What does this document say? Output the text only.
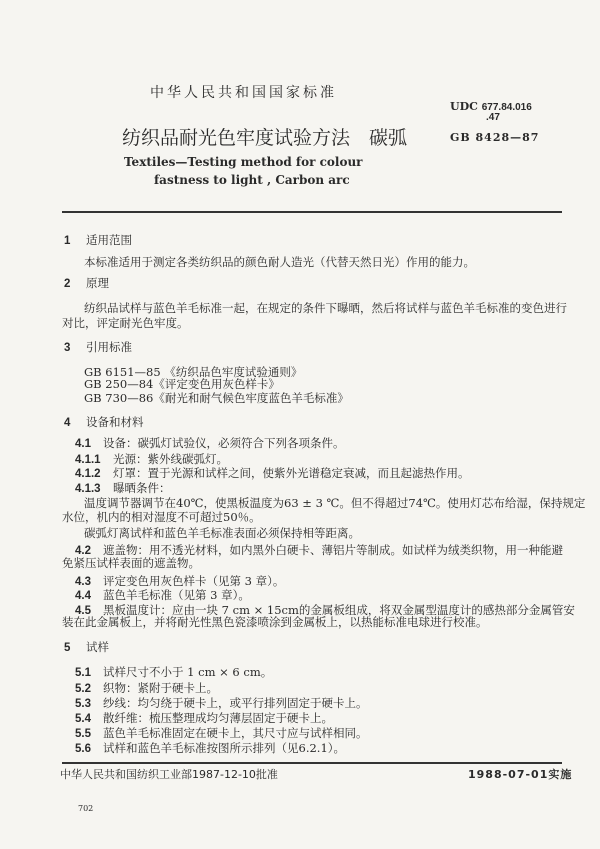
中华人民共和国国家标准
UDC 677.84.016
.47
纺织品耐光色牢度试验方法　碳弧	GB 8428—87
Textiles—Testing method for colour
fastness to light , Carbon arc
1 适用范围
本标准适用于测定各类纺织品的颜色耐人造光（代替天然日光）作用的能力。
2 原理
纺织品试样与蓝色羊毛标准一起，在规定的条件下曝晒，然后将试样与蓝色羊毛标准的变色进行
对比，评定耐光色牢度。
3 引用标准
GB 6151—85 《纺织品色牢度试验通则》
GB 250—84《评定变色用灰色样卡》
GB 730—86《耐光和耐气候色牢度蓝色羊毛标准》
4 设备和材料
4.1 设备：碳弧灯试验仪，必须符合下列各项条件。
4.1.1 光源：紫外线碳弧灯。
4.1.2 灯罩：置于光源和试样之间，使紫外光谱稳定衰减，而且起滤热作用。
4.1.3 曝晒条件：
温度调节器调节在40℃，使黑板温度为63 ± 3 ℃。但不得超过74℃。使用灯芯布给湿，保持规定
水位，机内的相对湿度不可超过50％。
碳弧灯离试样和蓝色羊毛标准表面必须保持相等距离。
4.2 遮盖物：用不透光材料，如内黑外白硬卡、薄铝片等制成。如试样为绒类织物，用一种能避
免紧压试样表面的遮盖物。
4.3 评定变色用灰色样卡（见第 3 章）。
4.4 蓝色羊毛标准（见第 3 章）。
4.5 黑板温度计：应由一块 7 cm × 15cm的金属板组成，将双金属型温度计的感热部分金属管安
装在此金属板上，并将耐光性黑色瓷漆喷涂到金属板上，以热能标准电球进行校准。
5 试样
5.1 试样尺寸不小于 1 cm × 6 cm。
5.2 织物：紧附于硬卡上。
5.3 纱线：均匀绕于硬卡上，或平行排列固定于硬卡上。
5.4 散纤维：梳压整理成均匀薄层固定于硬卡上。
5.5 蓝色羊毛标准固定在硬卡上，其尺寸应与试样相同。
5.6 试样和蓝色羊毛标准按图所示排列（见6.2.1）。
中华人民共和国纺织工业部1987-12-10批准	1988-07-01实施
702
